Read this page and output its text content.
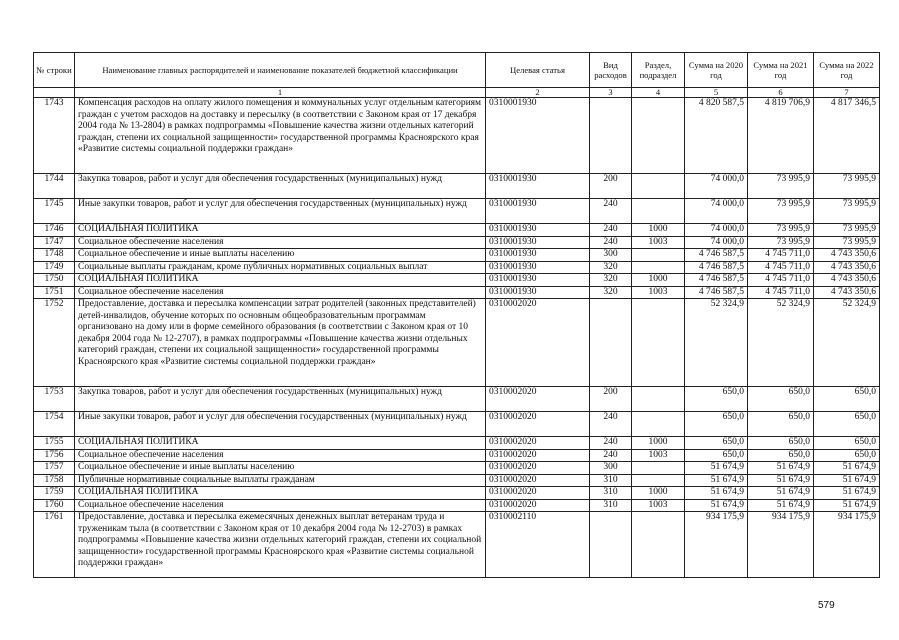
№ строки	Наименование главных распорядителей и наименование показателей бюджетной классификации	Целевая статья	Вид расходов	Раздел, подраздел	Сумма на 2020 год	Сумма на 2021 год	Сумма на 2022 год
	1	2	3	4	5	6	7
1743	Компенсация расходов на оплату жилого помещения и коммунальных услуг отдельным категориям граждан с учетом расходов на доставку и пересылку (в соответствии с Законом края от 17 декабря 2004 года № 13-2804) в рамках подпрограммы «Повышение качества жизни отдельных категорий граждан, степени их социальной защищенности» государственной программы Красноярского края «Развитие системы социальной поддержки граждан»	0310001930			4 820 587,5	4 819 706,9	4 817 346,5
1744	Закупка товаров, работ и услуг для обеспечения государственных (муниципальных) нужд	0310001930	200		74 000,0	73 995,9	73 995,9
1745	Иные закупки товаров, работ и услуг для обеспечения государственных (муниципальных) нужд	0310001930	240		74 000,0	73 995,9	73 995,9
1746	СОЦИАЛЬНАЯ ПОЛИТИКА	0310001930	240	1000	74 000,0	73 995,9	73 995,9
1747	Социальное обеспечение населения	0310001930	240	1003	74 000,0	73 995,9	73 995,9
1748	Социальное обеспечение и иные выплаты населению	0310001930	300		4 746 587,5	4 745 711,0	4 743 350,6
1749	Социальные выплаты гражданам, кроме публичных нормативных социальных выплат	0310001930	320		4 746 587,5	4 745 711,0	4 743 350,6
1750	СОЦИАЛЬНАЯ ПОЛИТИКА	0310001930	320	1000	4 746 587,5	4 745 711,0	4 743 350,6
1751	Социальное обеспечение населения	0310001930	320	1003	4 746 587,5	4 745 711,0	4 743 350,6
1752	Предоставление, доставка и пересылка компенсации затрат родителей (законных представителей) детей-инвалидов, обучение которых по основным общеобразовательным программам организовано на дому или в форме семейного образования (в соответствии с Законом края от 10 декабря 2004 года № 12-2707), в рамках подпрограммы «Повышение качества жизни отдельных категорий граждан, степени их социальной защищенности» государственной программы Красноярского края «Развитие системы социальной поддержки граждан»	0310002020			52 324,9	52 324,9	52 324,9
1753	Закупка товаров, работ и услуг для обеспечения государственных (муниципальных) нужд	0310002020	200		650,0	650,0	650,0
1754	Иные закупки товаров, работ и услуг для обеспечения государственных (муниципальных) нужд	0310002020	240		650,0	650,0	650,0
1755	СОЦИАЛЬНАЯ ПОЛИТИКА	0310002020	240	1000	650,0	650,0	650,0
1756	Социальное обеспечение населения	0310002020	240	1003	650,0	650,0	650,0
1757	Социальное обеспечение и иные выплаты населению	0310002020	300		51 674,9	51 674,9	51 674,9
1758	Публичные нормативные социальные выплаты гражданам	0310002020	310		51 674,9	51 674,9	51 674,9
1759	СОЦИАЛЬНАЯ ПОЛИТИКА	0310002020	310	1000	51 674,9	51 674,9	51 674,9
1760	Социальное обеспечение населения	0310002020	310	1003	51 674,9	51 674,9	51 674,9
1761	Предоставление, доставка и пересылка ежемесячных денежных выплат ветеранам труда и труженикам тыла (в соответствии с Законом края от 10 декабря 2004 года № 12-2703) в рамках подпрограммы «Повышение качества жизни отдельных категорий граждан, степени их социальной защищенности» государственной программы Красноярского края «Развитие системы социальной поддержки граждан»	0310002110			934 175,9	934 175,9	934 175,9
579
